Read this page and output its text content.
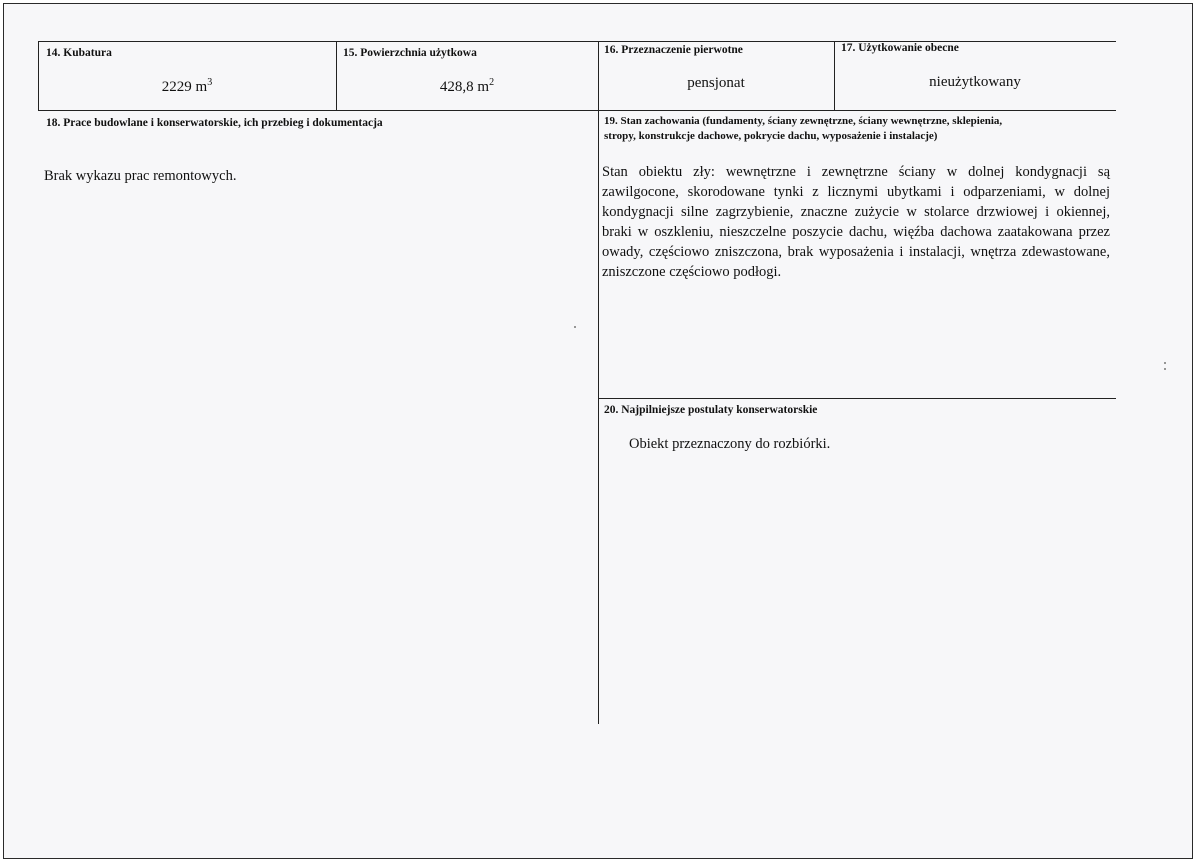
14. Kubatura
2229 $m^3$
15. Powierzchnia użytkowa
428,8 $m^2$
16. Przeznaczenie pierwotne
pensjonat
17. Użytkowanie obecne
nieużytkowany
18. Prace budowlane i konserwatorskie, ich przebieg i dokumentacja
Brak wykazu prac remontowych.
19. Stan zachowania (fundamenty, ściany zewnętrzne, ściany wewnętrzne, sklepienia,
stropy, konstrukcje dachowe, pokrycie dachu, wyposażenie i instalacje)
Stan obiektu zły: wewnętrzne i zewnętrzne ściany w dolnej kondygnacji są zawilgocone, skorodowane tynki z licznymi ubytkami i odparzeniami, w dolnej kondygnacji silne zagrzybienie, znaczne zużycie w stolarce drzwiowej i okiennej, braki w oszkleniu, nieszczelne poszycie dachu, więźba dachowa zaatakowana przez owady, częściowo zniszczona, brak wyposażenia i instalacji, wnętrza zdewastowane, zniszczone częściowo podłogi.
20. Najpilniejsze postulaty konserwatorskie
Obiekt przeznaczony do rozbiórki.
